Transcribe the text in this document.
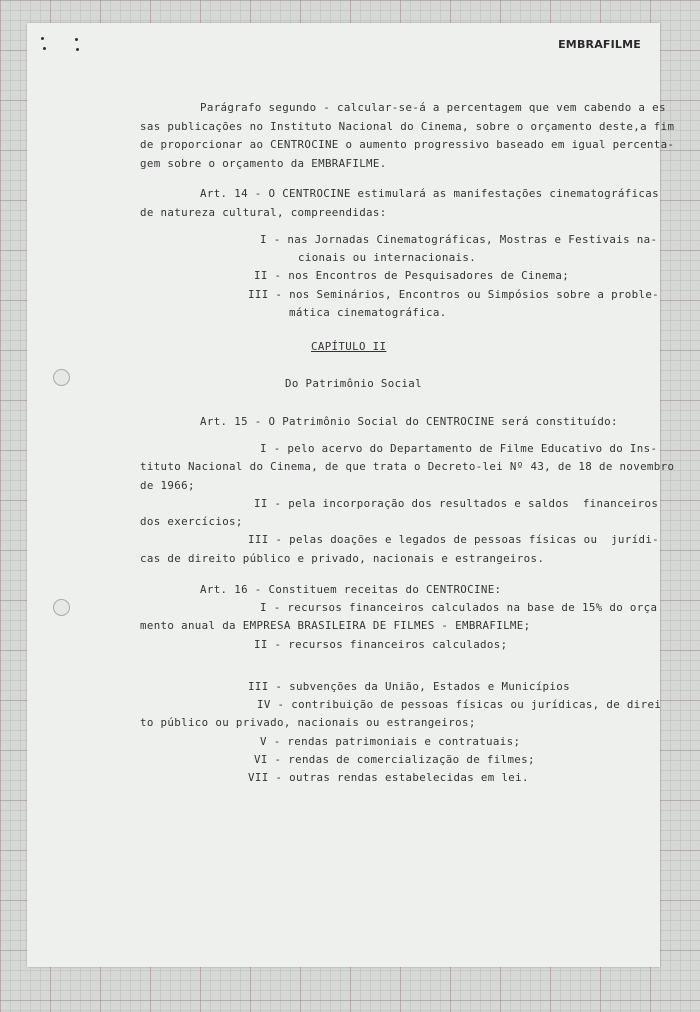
EMBRAFILME
Parágrafo segundo - calcular-se-á a percentagem que vem cabendo a es
sas publicações no Instituto Nacional do Cinema, sobre o orçamento deste,a fim
de proporcionar ao CENTROCINE o aumento progressivo baseado em igual percenta-
gem sobre o orçamento da EMBRAFILME.
Art. 14 - O CENTROCINE estimulará as manifestações cinematográficas
de natureza cultural, compreendidas:
I - nas Jornadas Cinematográficas, Mostras e Festivais na-
cionais ou internacionais.
II - nos Encontros de Pesquisadores de Cinema;
III - nos Seminários, Encontros ou Simpósios sobre a proble-
mática cinematográfica.
CAPÍTULO II
Do Patrimônio Social
Art. 15 - O Patrimônio Social do CENTROCINE será constituído:
I - pelo acervo do Departamento de Filme Educativo do Ins-
tituto Nacional do Cinema, de que trata o Decreto-lei Nº 43, de 18 de novembro
de 1966;
II - pela incorporação dos resultados e saldos  financeiros
dos exercícios;
III - pelas doações e legados de pessoas físicas ou  jurídi-
cas de direito público e privado, nacionais e estrangeiros.
Art. 16 - Constituem receitas do CENTROCINE:
I - recursos financeiros calculados na base de 15% do orça
mento anual da EMPRESA BRASILEIRA DE FILMES - EMBRAFILME;
II - recursos financeiros calculados;
III - subvenções da União, Estados e Municípios
IV - contribuição de pessoas físicas ou jurídicas, de direi
to público ou privado, nacionais ou estrangeiros;
V - rendas patrimoniais e contratuais;
VI - rendas de comercialização de filmes;
VII - outras rendas estabelecidas em lei.
